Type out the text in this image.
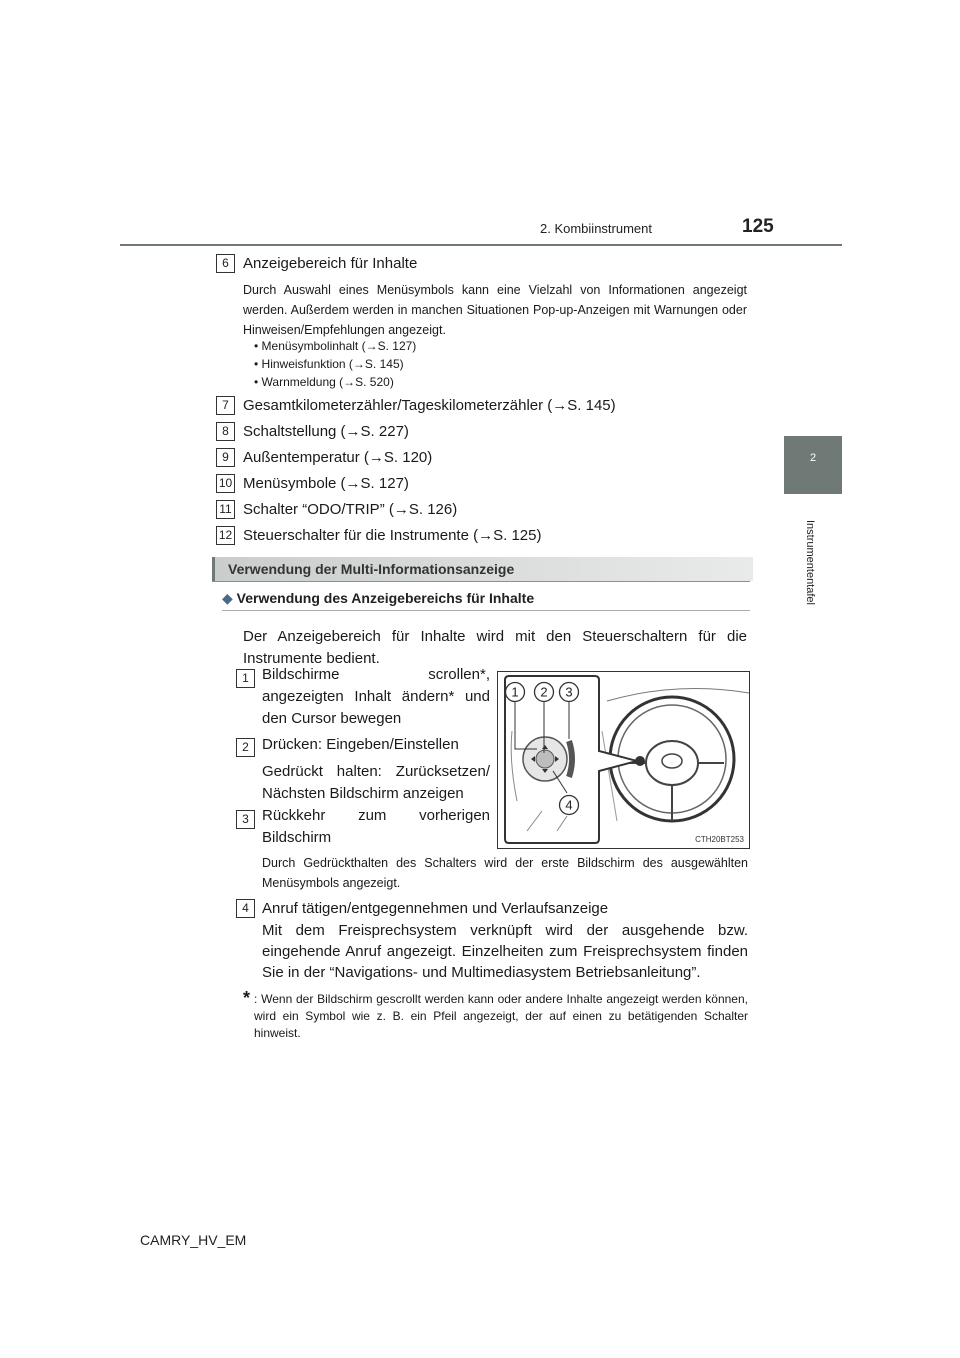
2. Kombiinstrument	125
2
Instrumententafel
6 Anzeigebereich für Inhalte
Durch Auswahl eines Menüsymbols kann eine Vielzahl von Informationen angezeigt werden. Außerdem werden in manchen Situationen Pop-up-Anzeigen mit Warnungen oder Hinweisen/Empfehlungen angezeigt.
• Menüsymbolinhalt (→S. 127)
• Hinweisfunktion (→S. 145)
• Warnmeldung (→S. 520)
7 Gesamtkilometerzähler/Tageskilometerzähler (→S. 145)
8 Schaltstellung (→S. 227)
9 Außentemperatur (→S. 120)
10 Menüsymbole (→S. 127)
11 Schalter “ODO/TRIP” (→S. 126)
12 Steuerschalter für die Instrumente (→S. 125)
Verwendung der Multi-Informationsanzeige
◆ Verwendung des Anzeigebereichs für Inhalte
Der Anzeigebereich für Inhalte wird mit den Steuerschaltern für die Instrumente bedient.
1 Bildschirme scrollen*, angezeigten Inhalt ändern* und den Cursor bewegen
2 Drücken: Eingeben/Einstellen
Gedrückt halten: Zurücksetzen/ Nächsten Bildschirm anzeigen
3 Rückkehr zum vorherigen Bildschirm
Durch Gedrückthalten des Schalters wird der erste Bildschirm des ausgewählten Menüsymbols angezeigt.
4 Anruf tätigen/entgegennehmen und Verlaufsanzeige
Mit dem Freisprechsystem verknüpft wird der ausgehende bzw. eingehende Anruf angezeigt. Einzelheiten zum Freisprechsystem finden Sie in der “Navigations- und Multimediasystem Betriebsanleitung”.
* : Wenn der Bildschirm gescrollt werden kann oder andere Inhalte angezeigt werden können, wird ein Symbol wie z. B. ein Pfeil angezeigt, der auf einen zu betätigenden Schalter hinweist.
1 2 3
4
CTH20BT253
CAMRY_HV_EM
